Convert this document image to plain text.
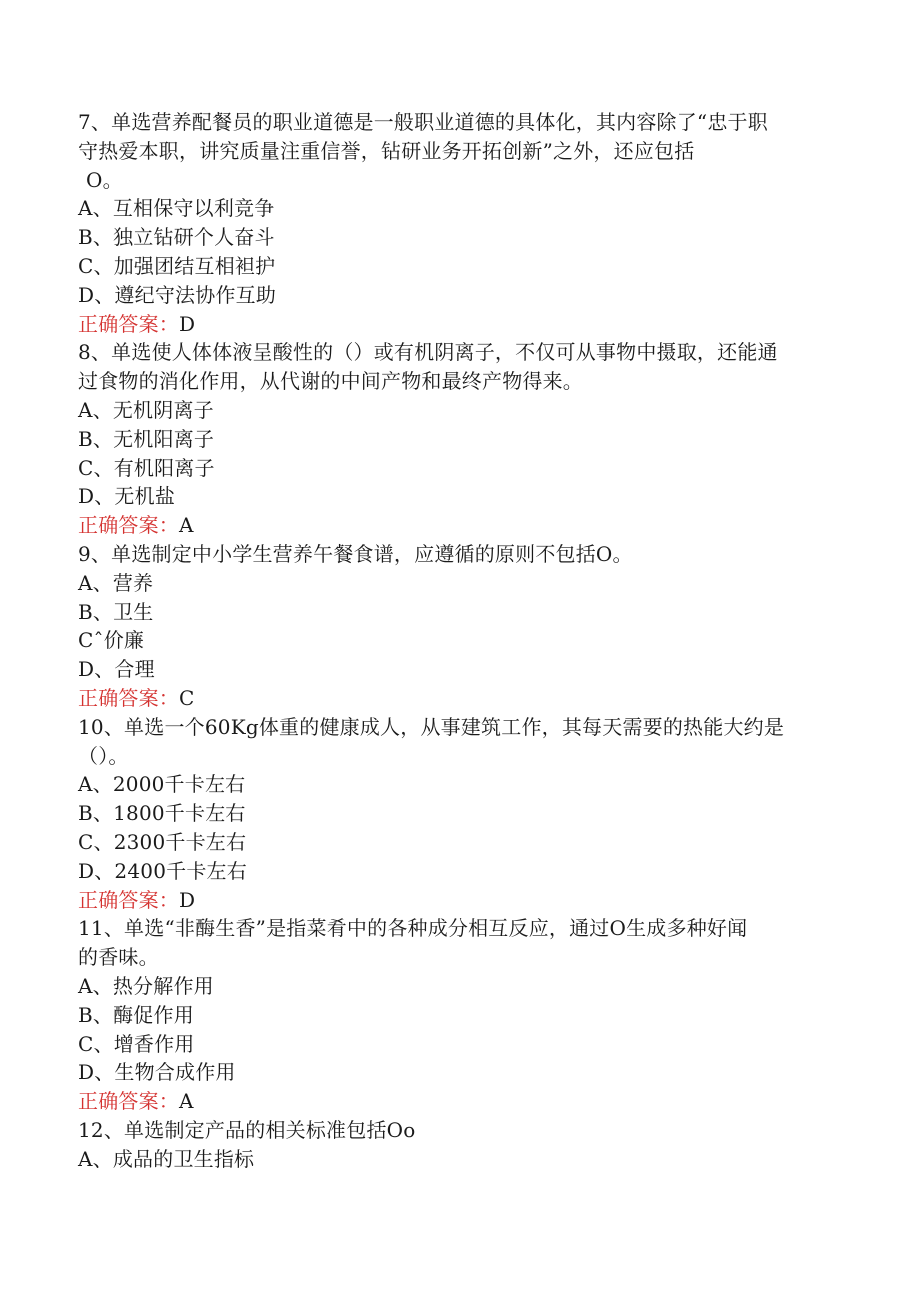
7、单选营养配餐员的职业道德是一般职业道德的具体化，其内容除了“忠于职
守热爱本职，讲究质量注重信誉，钻研业务开拓创新”之外，还应包括
O。
A、互相保守以利竞争
B、独立钻研个人奋斗
C、加强团结互相袒护
D、遵纪守法协作互助
正确答案：D
8、单选使人体体液呈酸性的（）或有机阴离子，不仅可从事物中摄取，还能通
过食物的消化作用，从代谢的中间产物和最终产物得来。
A、无机阴离子
B、无机阳离子
C、有机阳离子
D、无机盐
正确答案：A
9、单选制定中小学生营养午餐食谱，应遵循的原则不包括O。
A、营养
B、卫生
Cˆ价廉
D、合理
正确答案：C
10、单选一个60Kg体重的健康成人，从事建筑工作，其每天需要的热能大约是
（）。
A、2000千卡左右
B、1800千卡左右
C、2300千卡左右
D、2400千卡左右
正确答案：D
11、单选“非酶生香”是指菜肴中的各种成分相互反应，通过O生成多种好闻
的香味。
A、热分解作用
B、酶促作用
C、增香作用
D、生物合成作用
正确答案：A
12、单选制定产品的相关标准包括Oo
A、成品的卫生指标
